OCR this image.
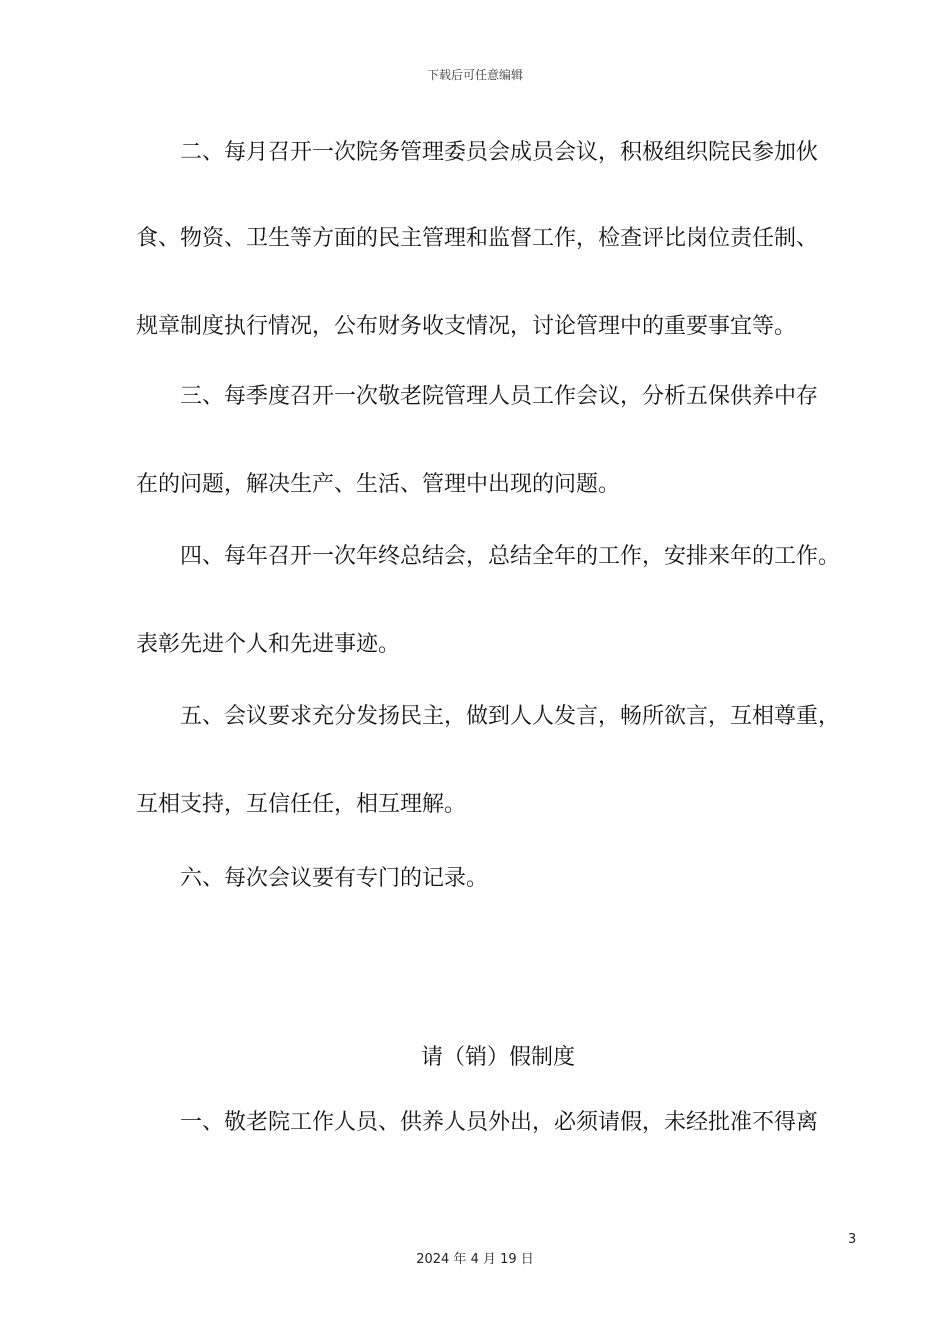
下载后可任意编辑
　　二、每月召开一次院务管理委员会成员会议，积极组织院民参加伙
食、物资、卫生等方面的民主管理和监督工作，检查评比岗位责任制、
规章制度执行情况，公布财务收支情况，讨论管理中的重要事宜等。
　　三、每季度召开一次敬老院管理人员工作会议，分析五保供养中存
在的问题，解决生产、生活、管理中出现的问题。
　　四、每年召开一次年终总结会，总结全年的工作，安排来年的工作。
表彰先进个人和先进事迹。
　　五、会议要求充分发扬民主，做到人人发言，畅所欲言，互相尊重，
互相支持，互信任任，相互理解。
　　六、每次会议要有专门的记录。
请（销）假制度
　　一、敬老院工作人员、供养人员外出，必须请假，未经批准不得离
3
2024 年 4 月 19 日
